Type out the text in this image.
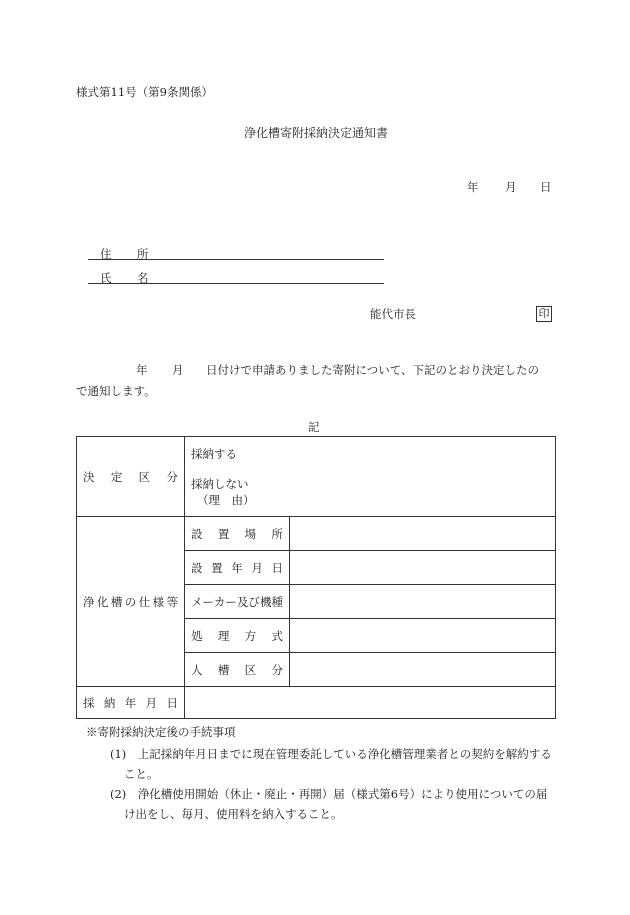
様式第11号（第9条関係）
浄化槽寄附採納決定通知書
年 月 日
住 所
氏 名
能代市長	印
年 月 日付けで申請ありました寄附について、下記のとおり決定したの
で通知します。
記
決　定　区　分	採納する
採納しない
（理　由）	

浄化槽の仕様等	設　置　場　所	

	設 置 年 月 日	

	メーカー及び機種	

	処　理　方　式	

	人　槽　区　分	

採 納 年 月 日		

※寄附採納決定後の手続事項
(1)　上記採納年月日までに現在管理委託している浄化槽管理業者との契約を解約すること。
(2)　浄化槽使用開始（休止・廃止・再開）届（様式第6号）により使用についての届け出をし、毎月、使用料を納入すること。
